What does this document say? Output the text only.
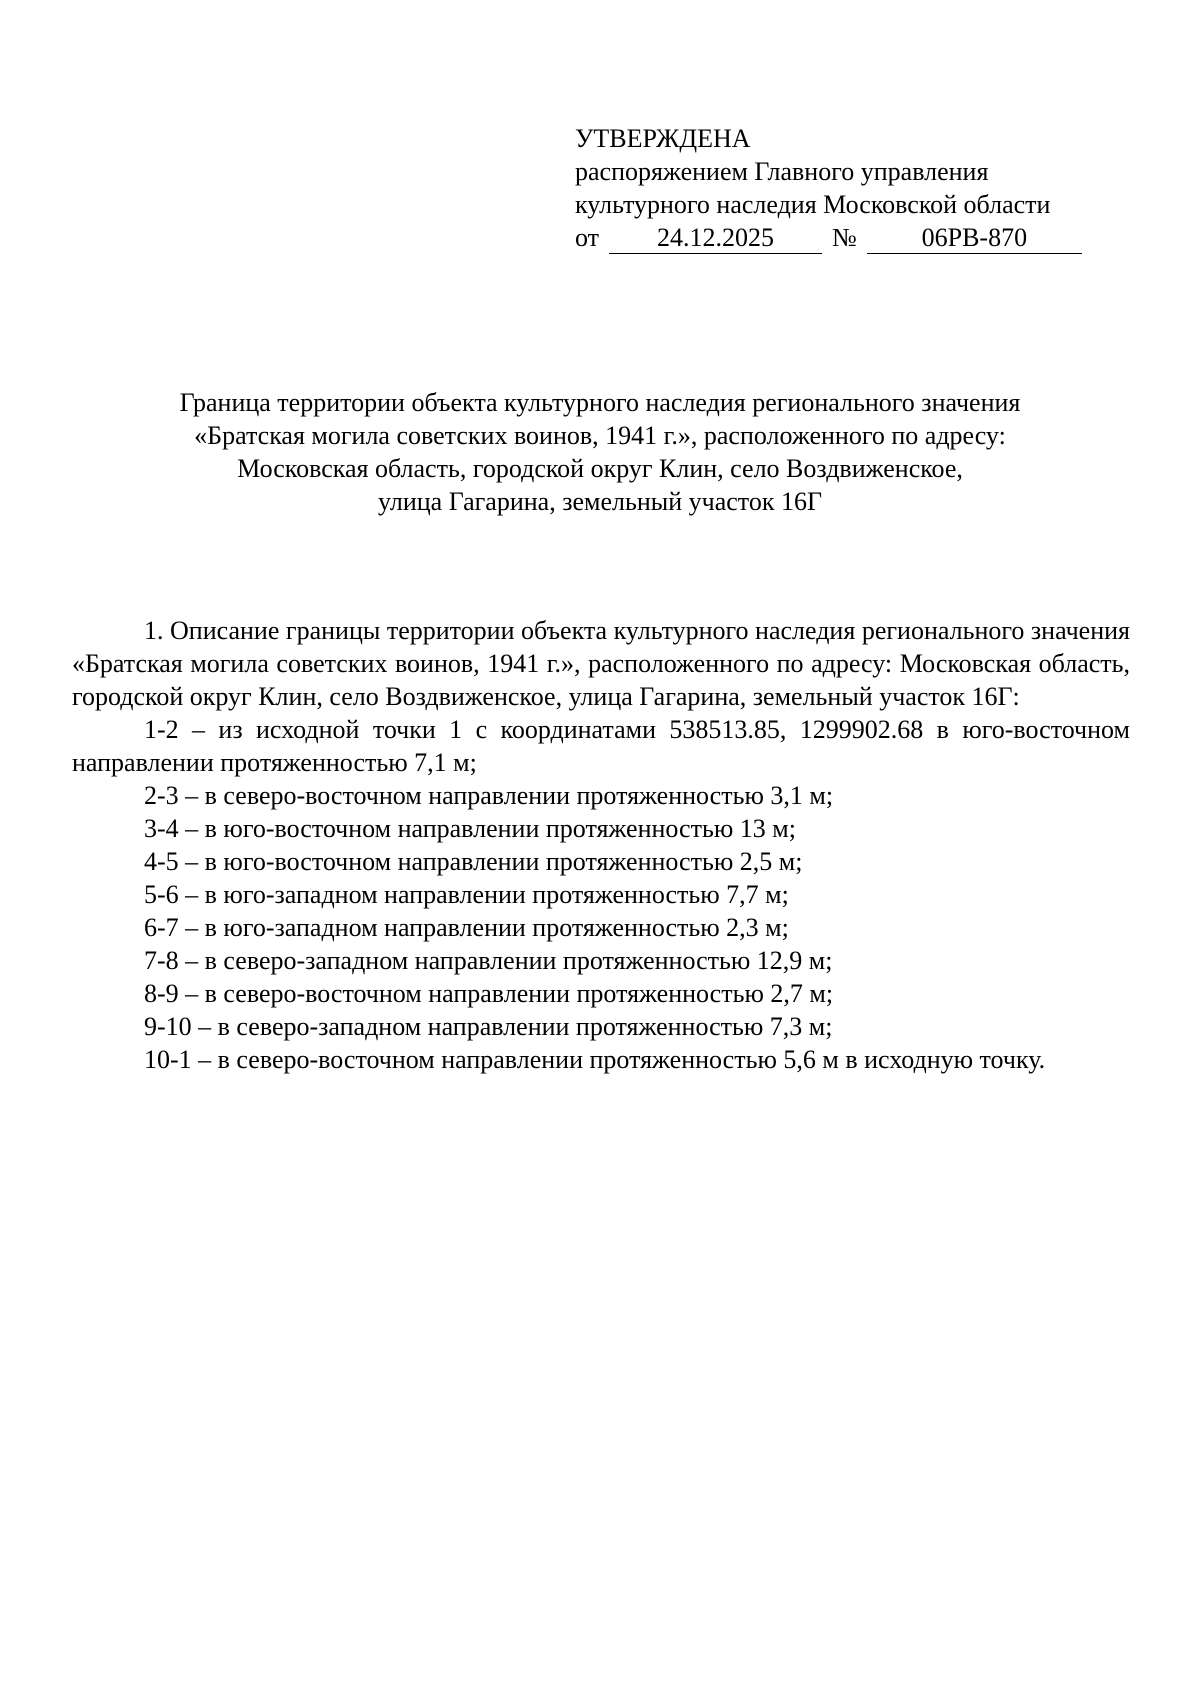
УТВЕРЖДЕНА
распоряжением Главного управления
культурного наследия Московской области
от	24.12.2025	№	06РВ-870
Граница территории объекта культурного наследия регионального значения
«Братская могила советских воинов, 1941 г.», расположенного по адресу:
Московская область, городской округ Клин, село Воздвиженское,
улица Гагарина, земельный участок 16Г

1. Описание границы территории объекта культурного наследия регионального значения «Братская могила советских воинов, 1941 г.», расположенного по адресу: Московская область, городской округ Клин, село Воздвиженское, улица Гагарина, земельный участок 16Г:

1-2 – из исходной точки 1 с координатами 538513.85, 1299902.68 в юго-восточном направлении протяженностью 7,1 м;

2-3 – в северо-восточном направлении протяженностью 3,1 м;

3-4 – в юго-восточном направлении протяженностью 13 м;

4-5 – в юго-восточном направлении протяженностью 2,5 м;

5-6 – в юго-западном направлении протяженностью 7,7 м;

6-7 – в юго-западном направлении протяженностью 2,3 м;

7-8 – в северо-западном направлении протяженностью 12,9 м;

8-9 – в северо-восточном направлении протяженностью 2,7 м;

9-10 – в северо-западном направлении протяженностью 7,3 м;

10-1 – в северо-восточном направлении протяженностью 5,6 м в исходную точку.
